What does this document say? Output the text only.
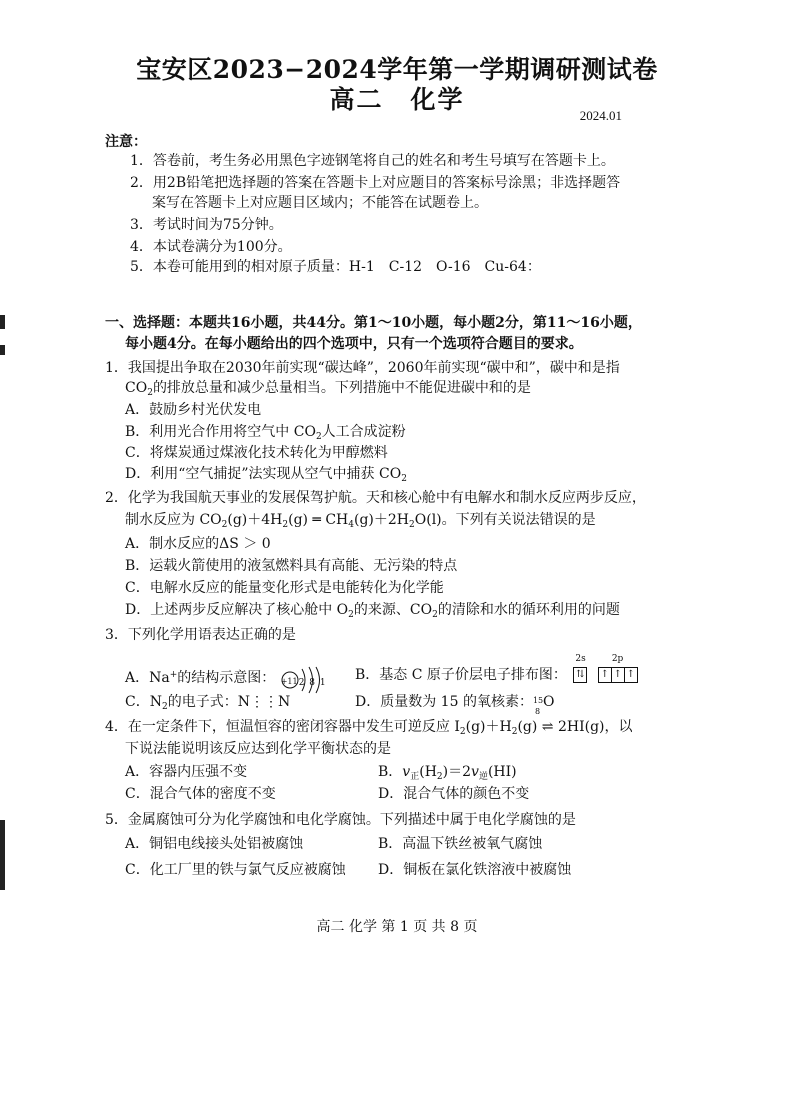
宝安区2023−2024学年第一学期调研测试卷
高二　化学
2024.01
注意：
1．答卷前，考生务必用黑色字迹钢笔将自己的姓名和考生号填写在答题卡上。
2．用2B铅笔把选择题的答案在答题卡上对应题目的答案标号涂黑；非选择题答
案写在答题卡上对应题目区域内；不能答在试题卷上。
3．考试时间为75分钟。
4．本试卷满分为100分。
5．本卷可能用到的相对原子质量：H-1　C-12　O-16　Cu-64：
一、选择题：本题共16小题，共44分。第1～10小题，每小题2分，第11～16小题，
每小题4分。在每小题给出的四个选项中，只有一个选项符合题目的要求。
1．我国提出争取在2030年前实现“碳达峰”，2060年前实现“碳中和”，碳中和是指
$CO_2$的排放总量和减少总量相当。下列措施中不能促进碳中和的是
A．鼓励乡村光伏发电
B．利用光合作用将空气中 $CO_2$人工合成淀粉
C．将煤炭通过煤液化技术转化为甲醇燃料
D．利用“空气捕捉”法实现从空气中捕获 $CO_2$
2．化学为我国航天事业的发展保驾护航。天和核心舱中有电解水和制水反应两步反应，
制水反应为 $CO_2(g)+4H_2(g)$ ═ $CH_4(g)+2H_2O(l)$。下列有关说法错误的是
A．制水反应的ΔS ＞ 0
B．运载火箭使用的液氢燃料具有高能、无污染的特点
C．电解水反应的能量变化形式是电能转化为化学能
D．上述两步反应解决了核心舱中 $O_2$的来源、$CO_2$的清除和水的循环利用的问题
3．下列化学用语表达正确的是
A．Na+的结构示意图： +11 2 8 1 B．基态 C 原子价层电子排布图：
2s
⇅
2p
↑ ↑ ↑
C．$N_2$的电子式：N⋮⋮N	D．质量数为 15 的氧核素： 15
8
O
4．在一定条件下，恒温恒容的密闭容器中发生可逆反应 $I_2(g)+H_2(g)$ ⇌ 2HI(g)，以
下说法能说明该反应达到化学平衡状态的是
A．容器内压强不变	B．$v_正(H_2)=2v_逆(HI)$
C．混合气体的密度不变	D．混合气体的颜色不变
5．金属腐蚀可分为化学腐蚀和电化学腐蚀。下列描述中属于电化学腐蚀的是
A．铜铝电线接头处铝被腐蚀	B．高温下铁丝被氧气腐蚀
C．化工厂里的铁与氯气反应被腐蚀 D．铜板在氯化铁溶液中被腐蚀
高二 化学 第 1 页 共 8 页
